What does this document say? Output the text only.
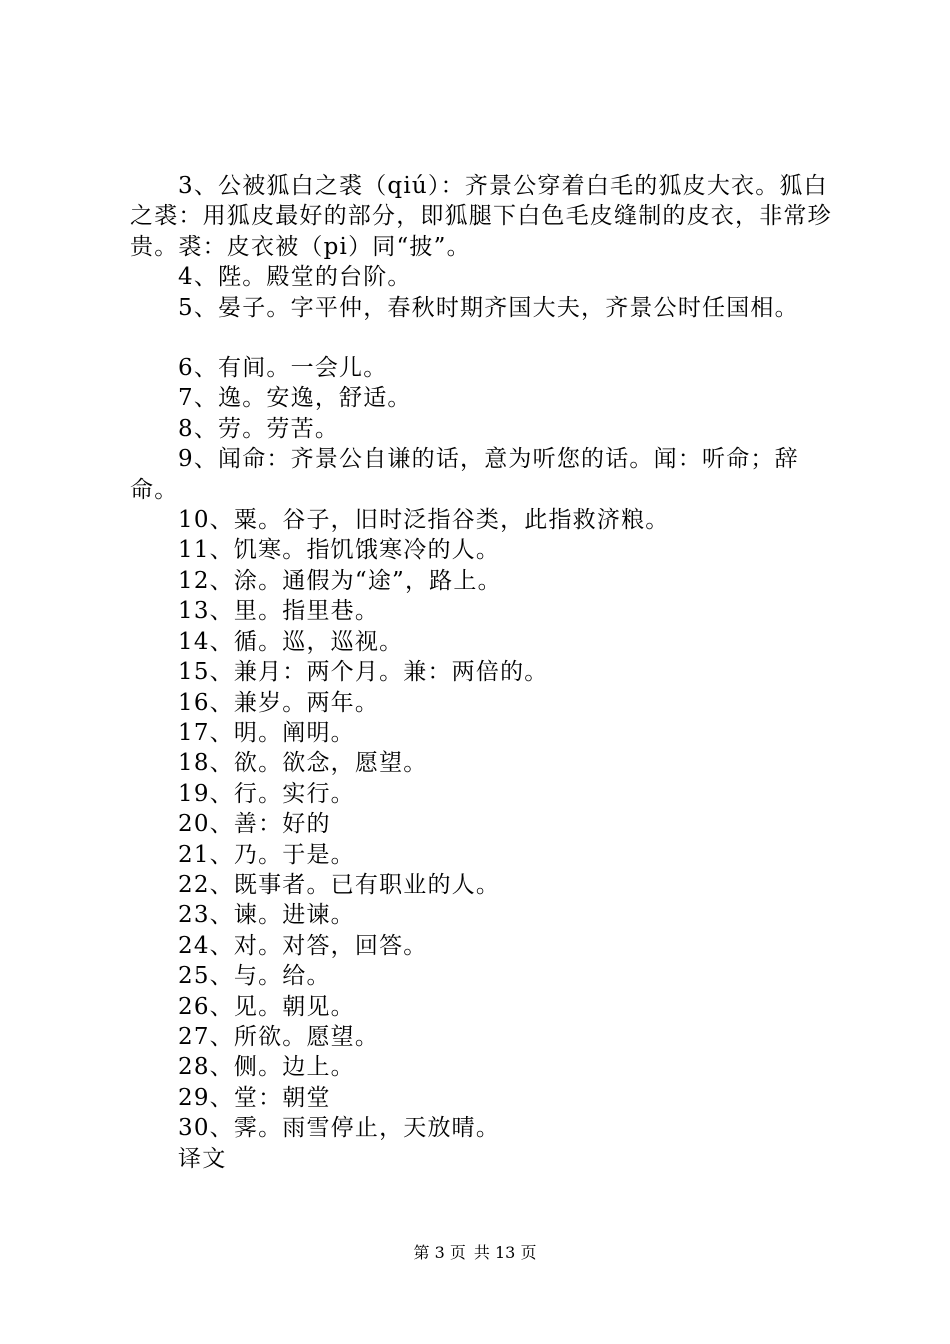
3、公被狐白之裘（qiú）：齐景公穿着白毛的狐皮大衣。狐白之裘：用狐皮最好的部分，即狐腿下白色毛皮缝制的皮衣，非常珍贵。裘：皮衣被（pi）同“披”。

4、陛。殿堂的台阶。

5、晏子。字平仲，春秋时期齐国大夫，齐景公时任国相。

6、有间。一会儿。

7、逸。安逸，舒适。

8、劳。劳苦。

9、闻命：齐景公自谦的话，意为听您的话。闻：听命；辞命。

10、粟。谷子，旧时泛指谷类，此指救济粮。

11、饥寒。指饥饿寒冷的人。

12、涂。通假为“途”，路上。

13、里。指里巷。

14、循。巡，巡视。

15、兼月：两个月。兼：两倍的。

16、兼岁。两年。

17、明。阐明。

18、欲。欲念，愿望。

19、行。实行。

20、善：好的

21、乃。于是。

22、既事者。已有职业的人。

23、谏。进谏。

24、对。对答，回答。

25、与。给。

26、见。朝见。

27、所欲。愿望。

28、侧。边上。

29、堂：朝堂

30、霁。雨雪停止，天放晴。

译文

第 3 页 共 13 页
